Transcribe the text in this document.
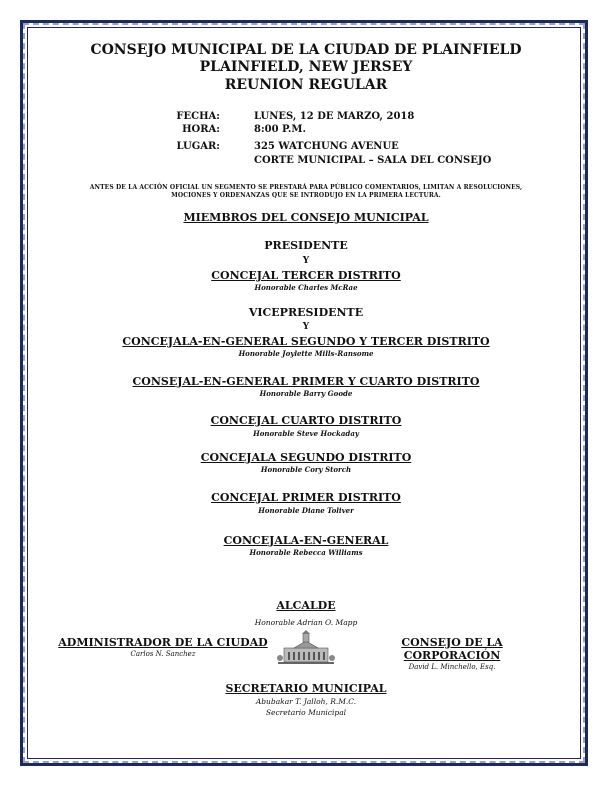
CONSEJO MUNICIPAL DE LA CIUDAD DE PLAINFIELD
PLAINFIELD, NEW JERSEY
REUNION REGULAR
FECHA:	LUNES, 12 DE MARZO, 2018
HORA:	8:00 P.M.
LUGAR:	325 WATCHUNG AVENUE
CORTE MUNICIPAL – SALA DEL CONSEJO
ANTES DE LA ACCIÓN OFICIAL UN SEGMENTO SE PRESTARÁ PARA PÚBLICO COMENTARIOS, LIMITAN A RESOLUCIONES,
MOCIONES Y ORDENANZAS QUE SE INTRODUJO EN LA PRIMERA LECTURA.
MIEMBROS DEL CONSEJO MUNICIPAL
PRESIDENTE
Y
CONCEJAL TERCER DISTRITO
Honorable Charles McRae
VICEPRESIDENTE
Y
CONCEJALA-EN-GENERAL SEGUNDO Y TERCER DISTRITO
Honorable Joylette Mills-Ransome
CONSEJAL-EN-GENERAL PRIMER Y CUARTO DISTRITO
Honorable Barry Goode
CONCEJAL CUARTO DISTRITO
Honorable Steve Hockaday
CONCEJALA SEGUNDO DISTRITO
Honorable Cory Storch
CONCEJAL PRIMER DISTRITO
Honorable Diane Toliver
CONCEJALA-EN-GENERAL
Honorable Rebecca Williams
ALCALDE
Honorable Adrian O. Mapp
ADMINISTRADOR DE LA CIUDAD
Carlos N. Sanchez
CONSEJO DE LA CORPORACIÓN
David L. Minchello, Esq.
SECRETARIO MUNICIPAL
Abubakar T. Jalloh, R.M.C.
Secretario Municipal
